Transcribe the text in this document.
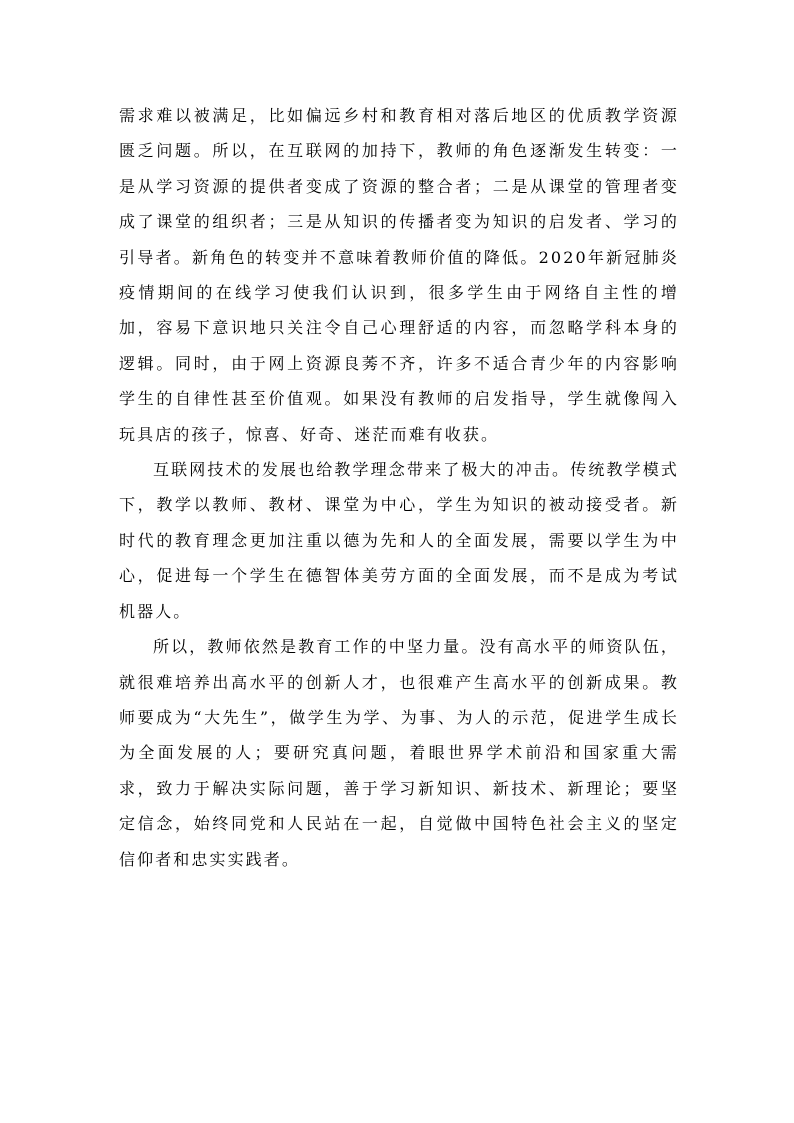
需求难以被满足，比如偏远乡村和教育相对落后地区的优质教学资源匮乏问题。所以，在互联网的加持下，教师的角色逐渐发生转变：一是从学习资源的提供者变成了资源的整合者；二是从课堂的管理者变成了课堂的组织者；三是从知识的传播者变为知识的启发者、学习的引导者。新角色的转变并不意味着教师价值的降低。2020年新冠肺炎疫情期间的在线学习使我们认识到，很多学生由于网络自主性的增加，容易下意识地只关注令自己心理舒适的内容，而忽略学科本身的逻辑。同时，由于网上资源良莠不齐，许多不适合青少年的内容影响学生的自律性甚至价值观。如果没有教师的启发指导，学生就像闯入玩具店的孩子，惊喜、好奇、迷茫而难有收获。

互联网技术的发展也给教学理念带来了极大的冲击。传统教学模式下，教学以教师、教材、课堂为中心，学生为知识的被动接受者。新时代的教育理念更加注重以德为先和人的全面发展，需要以学生为中心，促进每一个学生在德智体美劳方面的全面发展，而不是成为考试机器人。

所以，教师依然是教育工作的中坚力量。没有高水平的师资队伍，就很难培养出高水平的创新人才，也很难产生高水平的创新成果。教师要成为“大先生”，做学生为学、为事、为人的示范，促进学生成长为全面发展的人；要研究真问题，着眼世界学术前沿和国家重大需求，致力于解决实际问题，善于学习新知识、新技术、新理论；要坚定信念，始终同党和人民站在一起，自觉做中国特色社会主义的坚定信仰者和忠实实践者。
